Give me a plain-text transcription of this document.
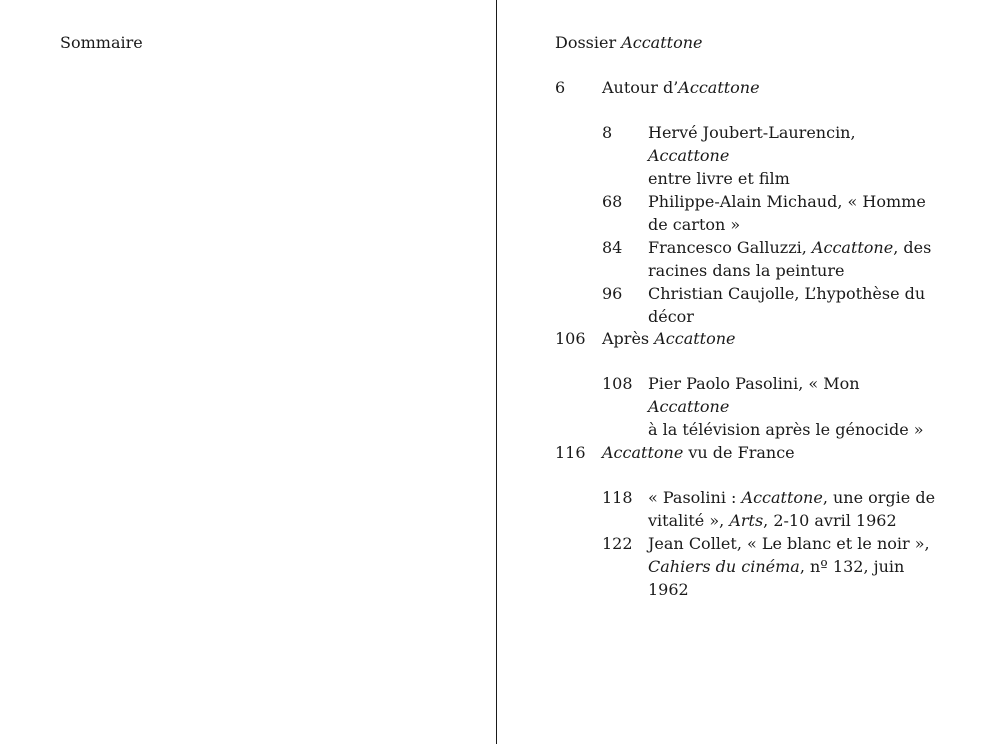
Sommaire	Dossier Accattone
6 Autour d’Accattone
8 Hervé Joubert-Laurencin, Accattone
entre livre et film
68 Philippe-Alain Michaud, « Homme
de carton »
84 Francesco Galluzzi, Accattone, des
racines dans la peinture
96 Christian Caujolle, L’hypothèse du
décor
106 Après Accattone
108 Pier Paolo Pasolini, « Mon Accattone
à la télévision après le génocide »
116 Accattone vu de France
118 « Pasolini : Accattone, une orgie de
vitalité », Arts, 2-10 avril 1962
122 Jean Collet, « Le blanc et le noir »,
Cahiers du cinéma, nº 132, juin 1962
